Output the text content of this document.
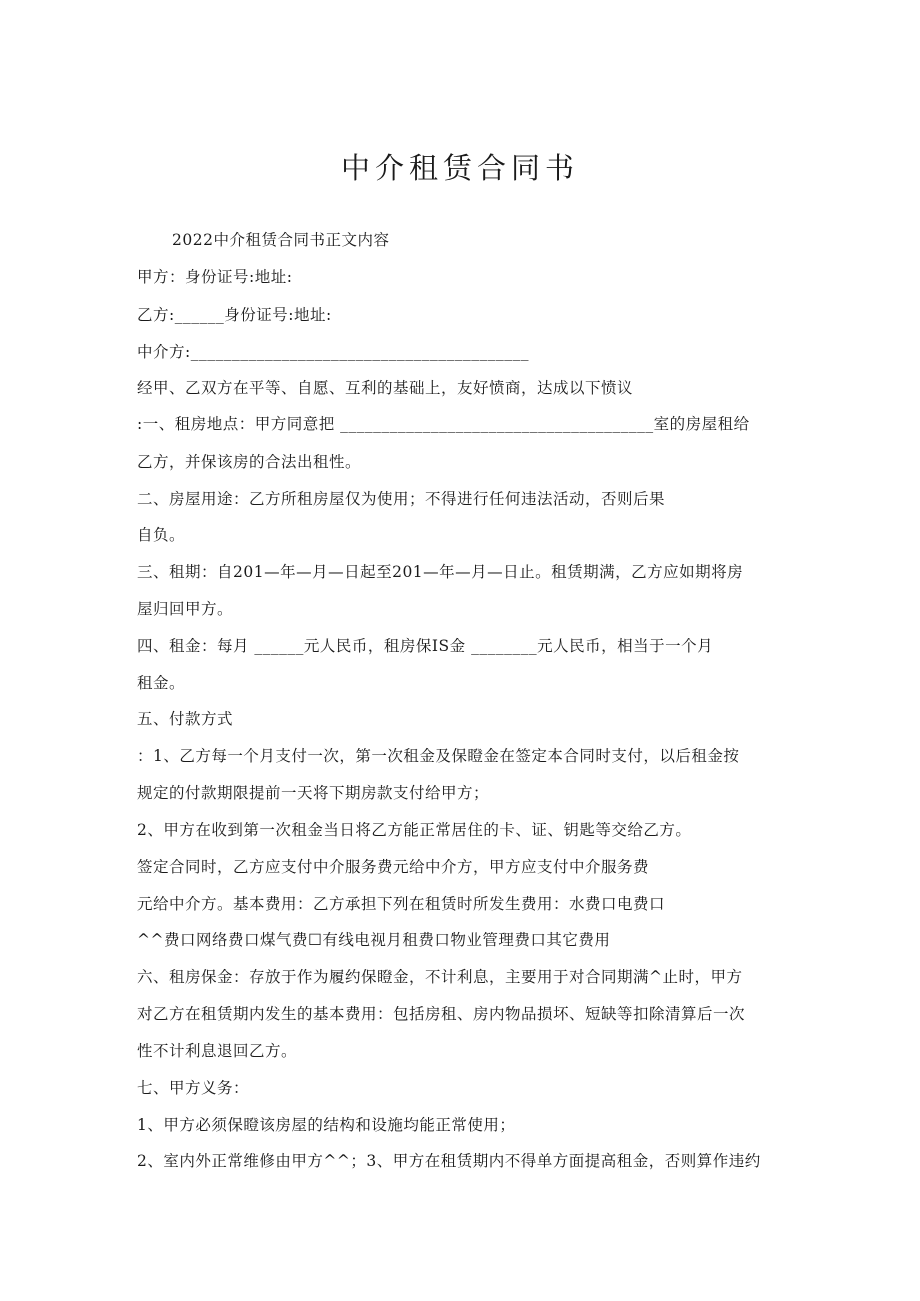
中介租赁合同书
2022中介租赁合同书正文内容
甲方：身份证号:地址:
乙方:______身份证号:地址:
中介方:_________________________________________
经甲、乙双方在平等、自愿、互利的基础上，友好愤商，达成以下愤议
:一、租房地点：甲方同意把 ______________________________________室的房屋租给
乙方，并保该房的合法出租性。
二、房屋用途：乙方所租房屋仅为使用；不得进行任何违法活动，否则后果
自负。
三、租期：自201—年—月—日起至201—年—月—日止。租赁期满，乙方应如期将房
屋归回甲方。
四、租金：每月 ______元人民币，租房保IS金 ________元人民币，相当于一个月
租金。
五、付款方式
：1、乙方每一个月支付一次，第一次租金及保瞪金在签定本合同时支付，以后租金按
规定的付款期限提前一天将下期房款支付给甲方；
2、甲方在收到第一次租金当日将乙方能正常居住的卡、证、钥匙等交给乙方。
签定合同时，乙方应支付中介服务费元给中介方，甲方应支付中介服务费
元给中介方。基本费用：乙方承担下列在租赁时所发生费用：水费口电费口
^^费口网络费口煤气费☐有线电视月租费口物业管理费口其它费用
六、租房保金：存放于作为履约保瞪金，不计利息，主要用于对合同期满^止时，甲方
对乙方在租赁期内发生的基本费用：包括房租、房内物品损坏、短缺等扣除清算后一次
性不计利息退回乙方。
七、甲方义务：
1、甲方必须保瞪该房屋的结构和设施均能正常使用；
2、室内外正常维修由甲方^^；3、甲方在租赁期内不得单方面提高租金，否则算作违约
